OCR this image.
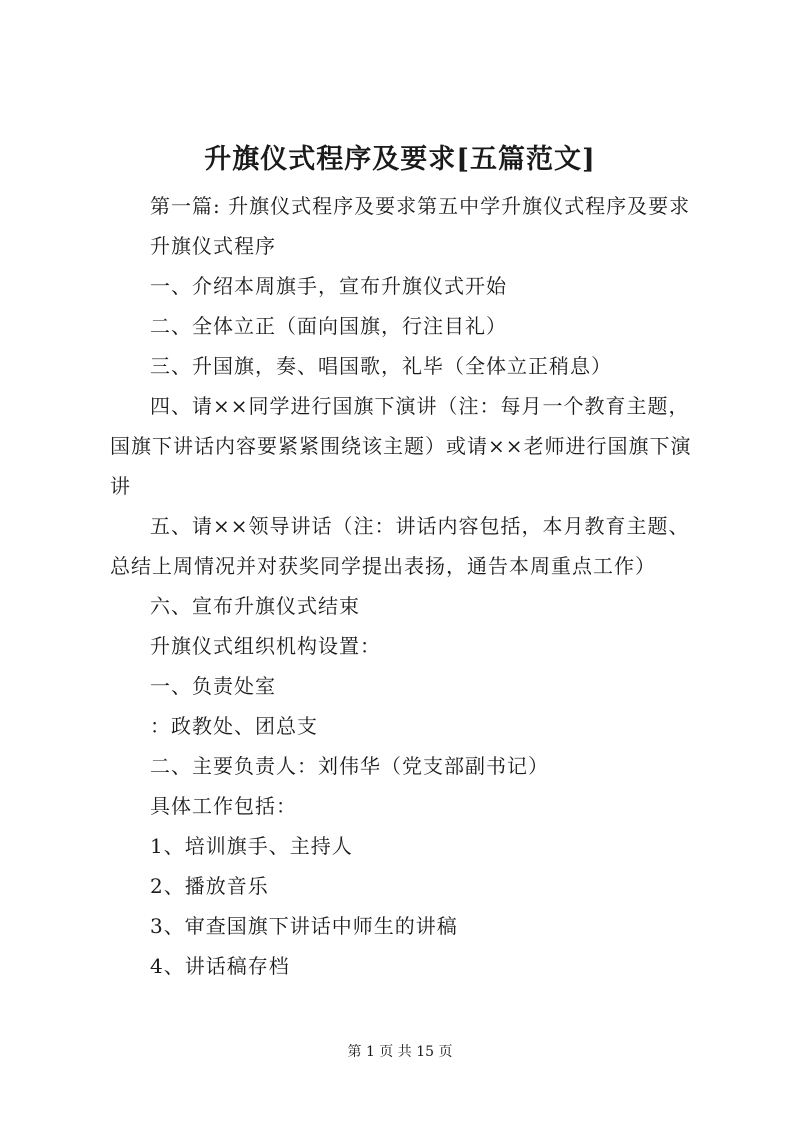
升旗仪式程序及要求[五篇范文]

第一篇: 升旗仪式程序及要求第五中学升旗仪式程序及要求

升旗仪式程序

一、介绍本周旗手，宣布升旗仪式开始

二、全体立正（面向国旗，行注目礼）

三、升国旗，奏、唱国歌，礼毕（全体立正稍息）

四、请××同学进行国旗下演讲（注：每月一个教育主题，国旗下讲话内容要紧紧围绕该主题）或请××老师进行国旗下演讲

五、请××领导讲话（注：讲话内容包括，本月教育主题、总结上周情况并对获奖同学提出表扬，通告本周重点工作）

六、宣布升旗仪式结束

升旗仪式组织机构设置：

一、负责处室

：政教处、团总支

二、主要负责人：刘伟华（党支部副书记）

具体工作包括：

1、培训旗手、主持人

2、播放音乐

3、审查国旗下讲话中师生的讲稿

4、讲话稿存档

第 1 页 共 15 页
